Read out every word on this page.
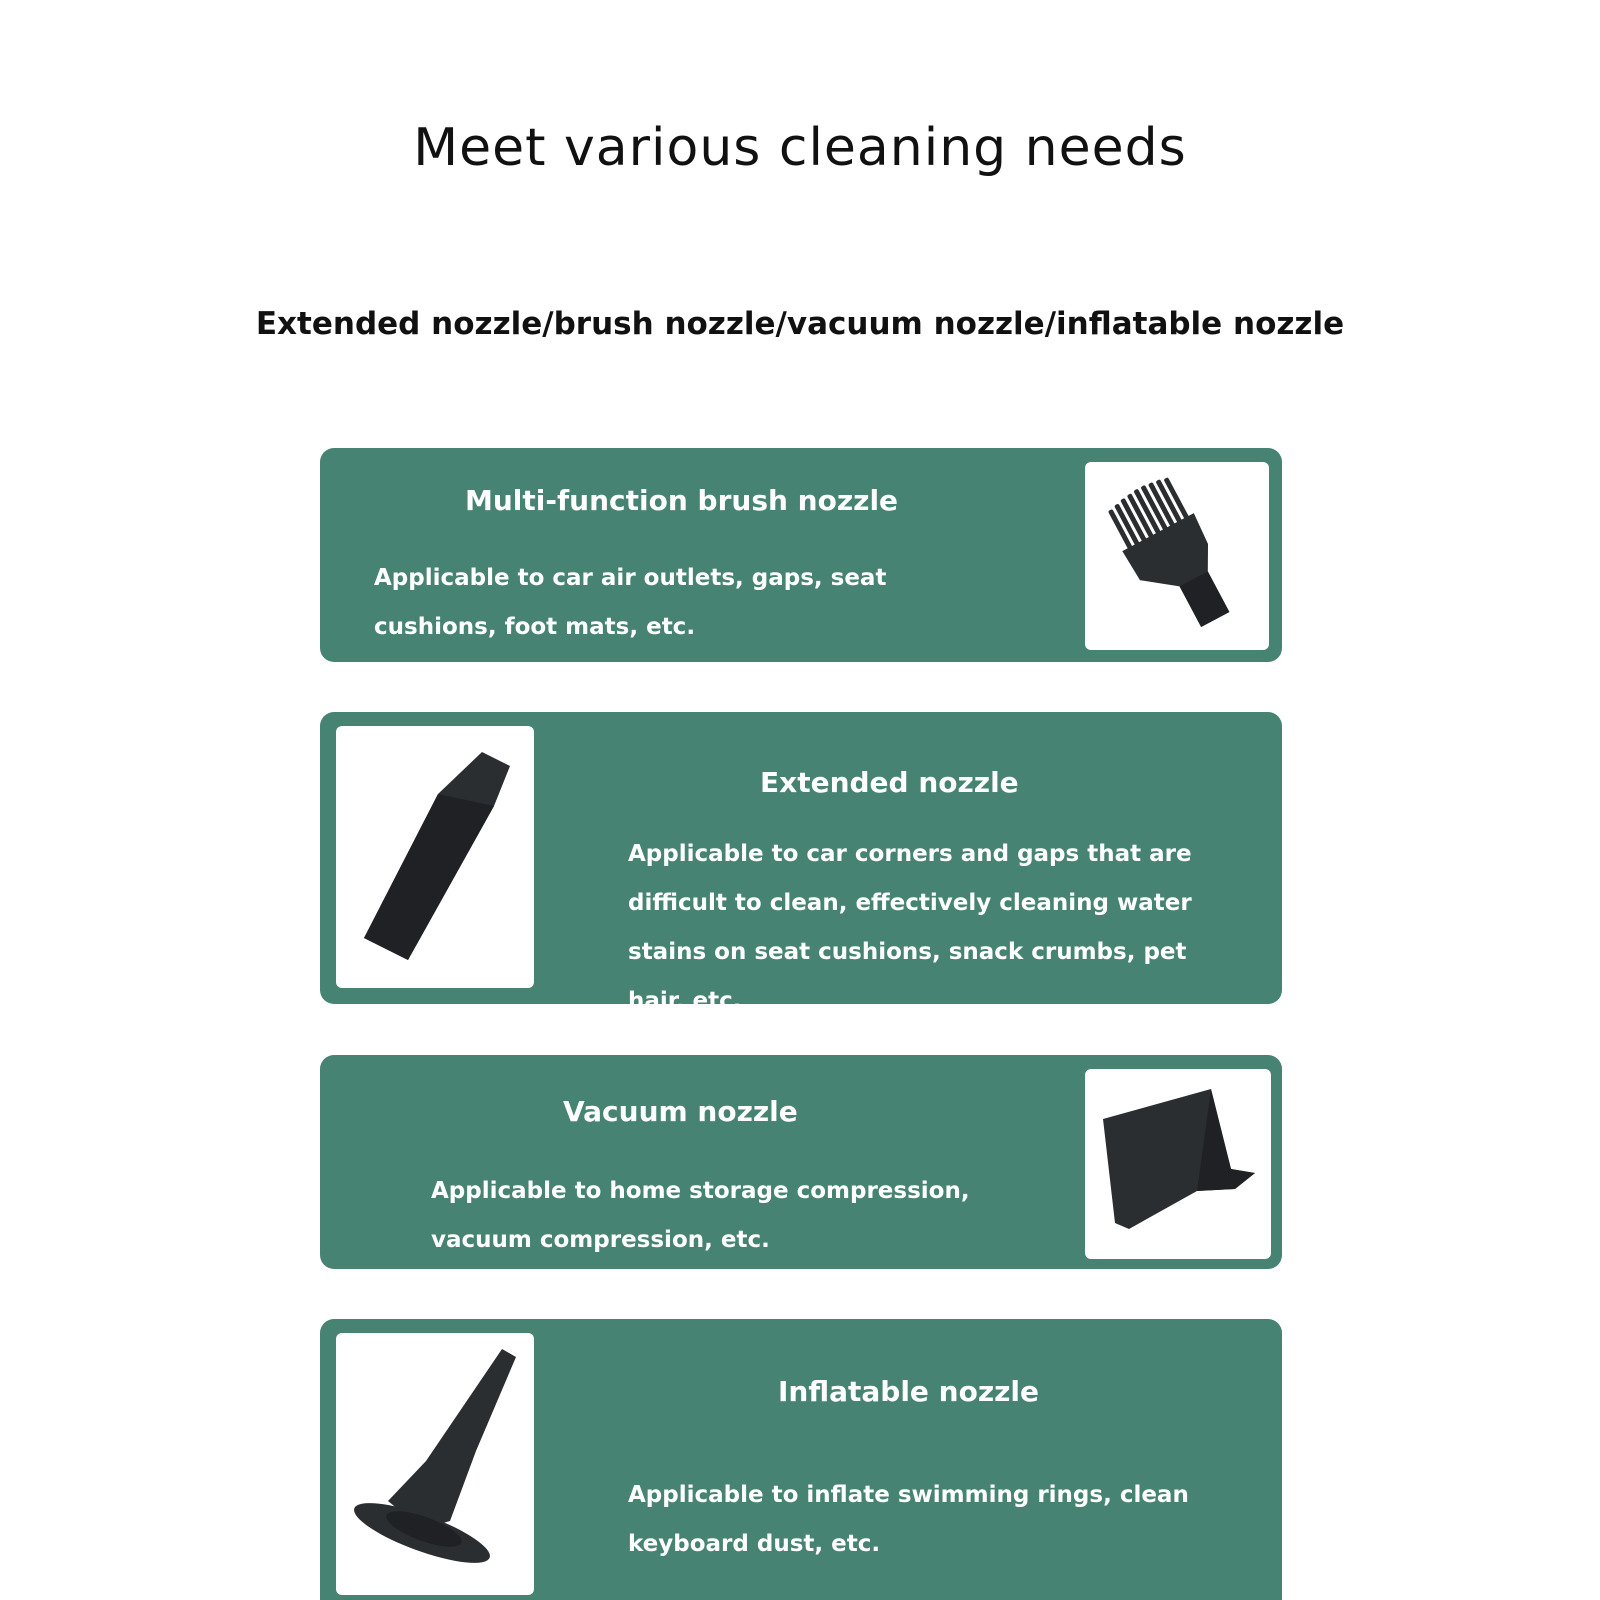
Meet various cleaning needs
Extended nozzle/brush nozzle/vacuum nozzle/inflatable nozzle

Multi-function brush nozzle

Applicable to car air outlets, gaps, seat cushions, foot mats, etc.

Extended nozzle

Applicable to car corners and gaps that are difficult to clean, effectively cleaning water stains on seat cushions, snack crumbs, pet hair, etc.

Vacuum nozzle

Applicable to home storage compression, vacuum compression, etc.

Inflatable nozzle

Applicable to inflate swimming rings, clean keyboard dust, etc.
